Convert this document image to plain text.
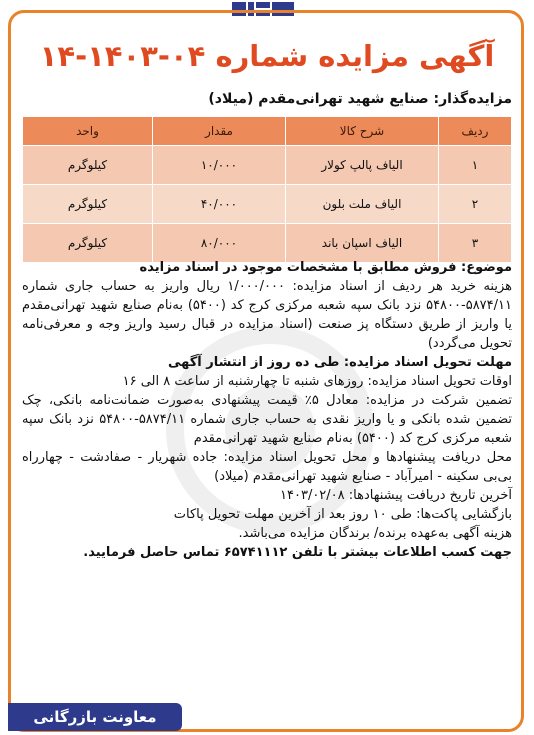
آگهی مزایده شماره ۰۴-۱۴۰۳-۱۴

مزایده‌گذار: صنایع شهید تهرانی‌مقدم (میلاد)

ردیف	شرح کالا	مقدار	واحد
۱	الیاف پالپ کولار	۱۰/۰۰۰	کیلوگرم
۲	الیاف ملت بلون	۴۰/۰۰۰	کیلوگرم
۳	الیاف اسپان باند	۸۰/۰۰۰	کیلوگرم

موضوع: فروش مطابق با مشخصات موجود در اسناد مزایده

هزینه خرید هر ردیف از اسناد مزایده: ۱/۰۰۰/۰۰۰ ریال واریز به حساب جاری شماره ۵۸۷۴/۱۱-۵۴۸۰۰ نزد بانک سپه شعبه مرکزی کرج کد (۵۴۰۰) به‌نام صنایع شهید تهرانی‌مقدم یا واریز از طریق دستگاه پز صنعت (اسناد مزایده در قبال رسید واریز وجه و معرفی‌نامه تحویل می‌گردد)

مهلت تحویل اسناد مزایده: طی ده روز از انتشار آگهی

اوقات تحویل اسناد مزایده: روزهای شنبه تا چهارشنبه از ساعت ۸ الی ۱۶

تضمین شرکت در مزایده: معادل ۵٪ قیمت پیشنهادی به‌صورت ضمانت‌نامه بانکی، چک تضمین شده بانکی و یا واریز نقدی به حساب جاری شماره ۵۸۷۴/۱۱-۵۴۸۰۰ نزد بانک سپه شعبه مرکزی کرج کد (۵۴۰۰) به‌نام صنایع شهید تهرانی‌مقدم

محل دریافت پیشنهادها و محل تحویل اسناد مزایده: جاده شهریار - صفادشت - چهارراه بی‌بی سکینه - امیرآباد - صنایع شهید تهرانی‌مقدم (میلاد)

آخرین تاریخ دریافت پیشنهادها: ۱۴۰۳/۰۲/۰۸

بازگشایی پاکت‌ها: طی ۱۰ روز بعد از آخرین مهلت تحویل پاکات

هزینه آگهی به‌عهده برنده/ برندگان مزایده می‌باشد.

جهت کسب اطلاعات بیشتر با تلفن ۶۵۷۴۱۱۱۲ تماس حاصل فرمایید.

معاونت بازرگانی
